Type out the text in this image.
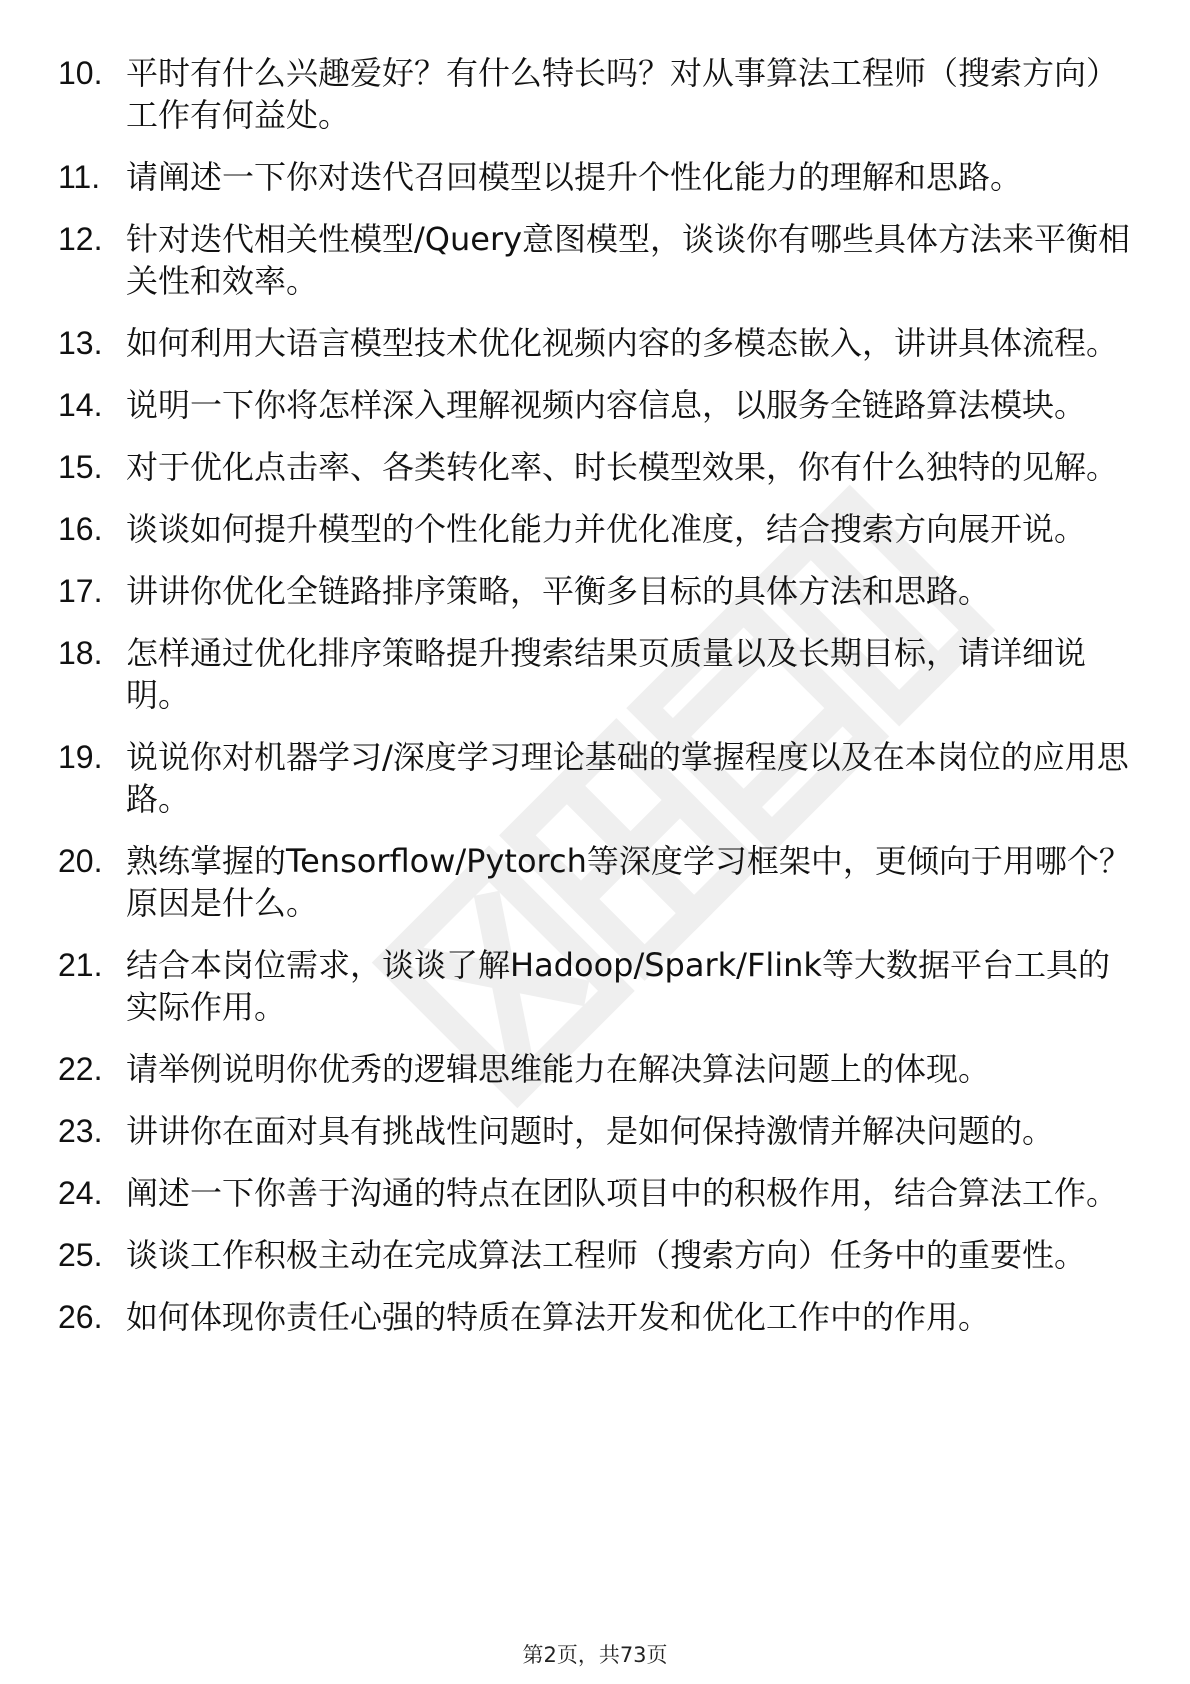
10. 平时有什么兴趣爱好？有什么特长吗？对从事算法工程师（搜索方向）工作有何益处。
11. 请阐述一下你对迭代召回模型以提升个性化能力的理解和思路。
12. 针对迭代相关性模型/Query意图模型，谈谈你有哪些具体方法来平衡相关性和效率。
13. 如何利用大语言模型技术优化视频内容的多模态嵌入，讲讲具体流程。
14. 说明一下你将怎样深入理解视频内容信息，以服务全链路算法模块。
15. 对于优化点击率、各类转化率、时长模型效果，你有什么独特的见解。
16. 谈谈如何提升模型的个性化能力并优化准度，结合搜索方向展开说。
17. 讲讲你优化全链路排序策略，平衡多目标的具体方法和思路。
18. 怎样通过优化排序策略提升搜索结果页质量以及长期目标，请详细说明。
19. 说说你对机器学习/深度学习理论基础的掌握程度以及在本岗位的应用思路。
20. 熟练掌握的Tensorflow/Pytorch等深度学习框架中，更倾向于用哪个？原因是什么。
21. 结合本岗位需求，谈谈了解Hadoop/Spark/Flink等大数据平台工具的实际作用。
22. 请举例说明你优秀的逻辑思维能力在解决算法问题上的体现。
23. 讲讲你在面对具有挑战性问题时，是如何保持激情并解决问题的。
24. 阐述一下你善于沟通的特点在团队项目中的积极作用，结合算法工作。
25. 谈谈工作积极主动在完成算法工程师（搜索方向）任务中的重要性。
26. 如何体现你责任心强的特质在算法开发和优化工作中的作用。
第2页，共73页
